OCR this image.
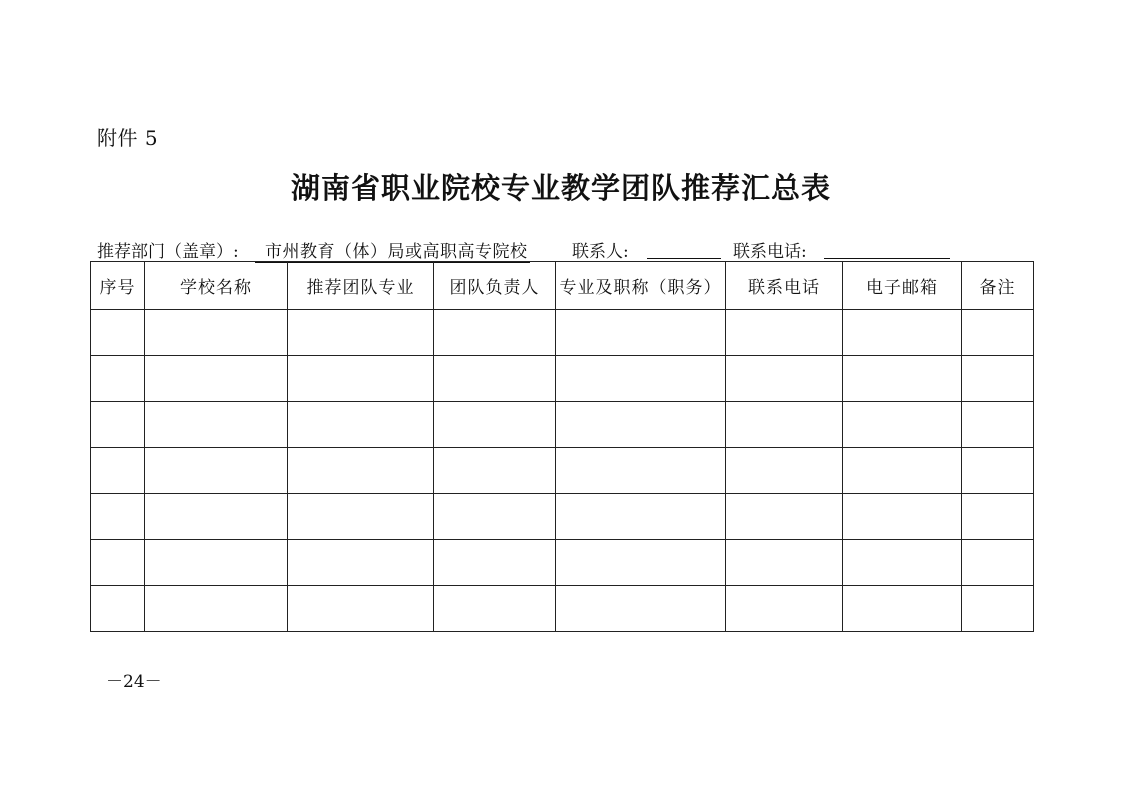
附件 5
湖南省职业院校专业教学团队推荐汇总表
推荐部门（盖章）:	市州教育（体）局或高职高专院校	联系人:	联系电话:
序号	学校名称	推荐团队专业	团队负责人	专业及职称（职务）	联系电话	电子邮箱	备注

－24－
